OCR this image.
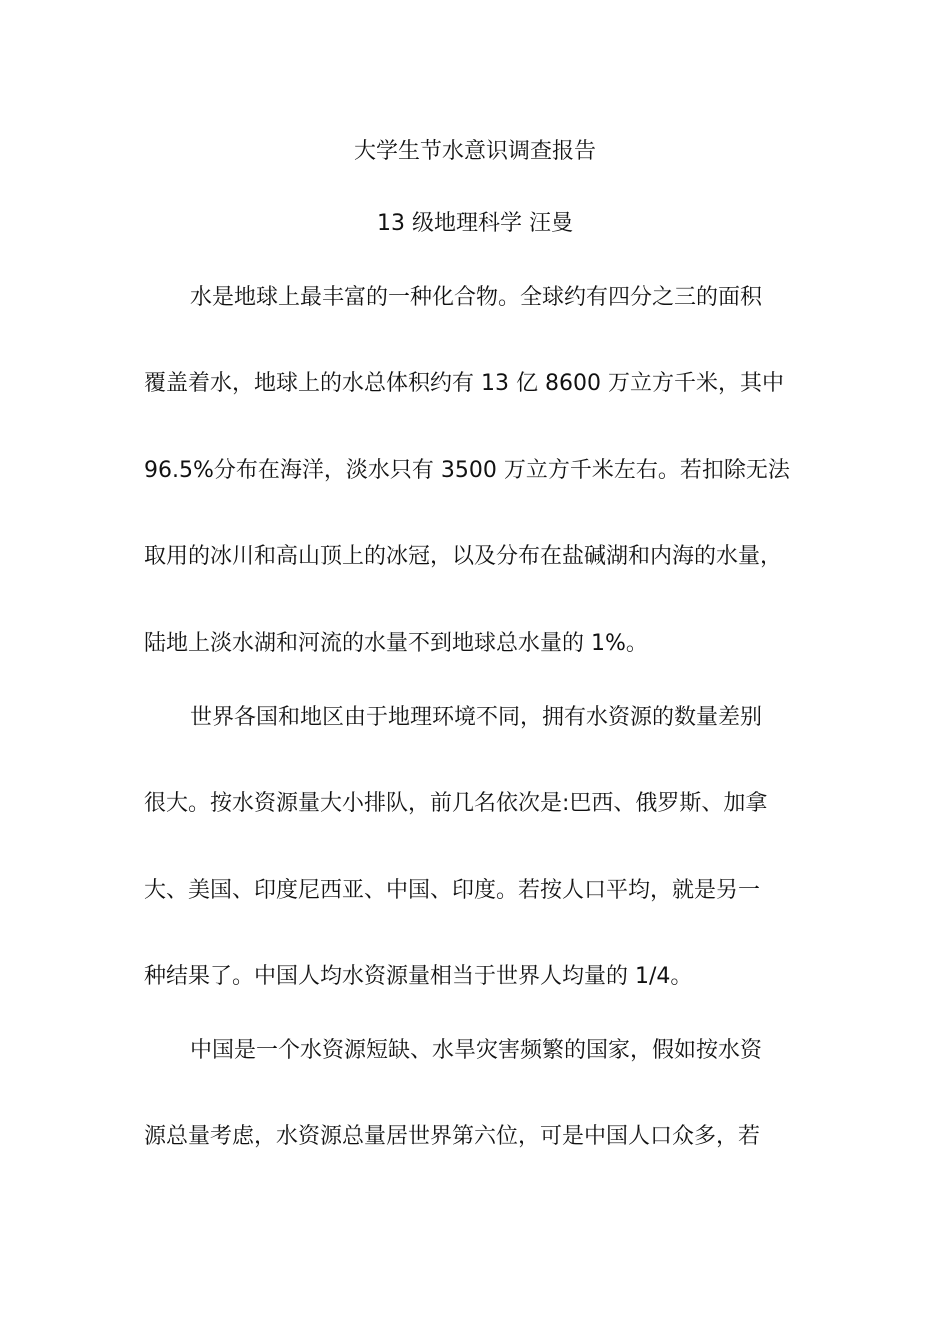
大学生节水意识调查报告
13 级地理科学 汪曼
水是地球上最丰富的一种化合物。全球约有四分之三的面积
覆盖着水，地球上的水总体积约有 13 亿 8600 万立方千米，其中
96.5%分布在海洋，淡水只有 3500 万立方千米左右。若扣除无法
取用的冰川和高山顶上的冰冠，以及分布在盐碱湖和内海的水量，
陆地上淡水湖和河流的水量不到地球总水量的 1%。
世界各国和地区由于地理环境不同，拥有水资源的数量差别
很大。按水资源量大小排队，前几名依次是:巴西、俄罗斯、加拿
大、美国、印度尼西亚、中国、印度。若按人口平均，就是另一
种结果了。中国人均水资源量相当于世界人均量的 1/4。
中国是一个水资源短缺、水旱灾害频繁的国家，假如按水资
源总量考虑，水资源总量居世界第六位，可是中国人口众多，若
